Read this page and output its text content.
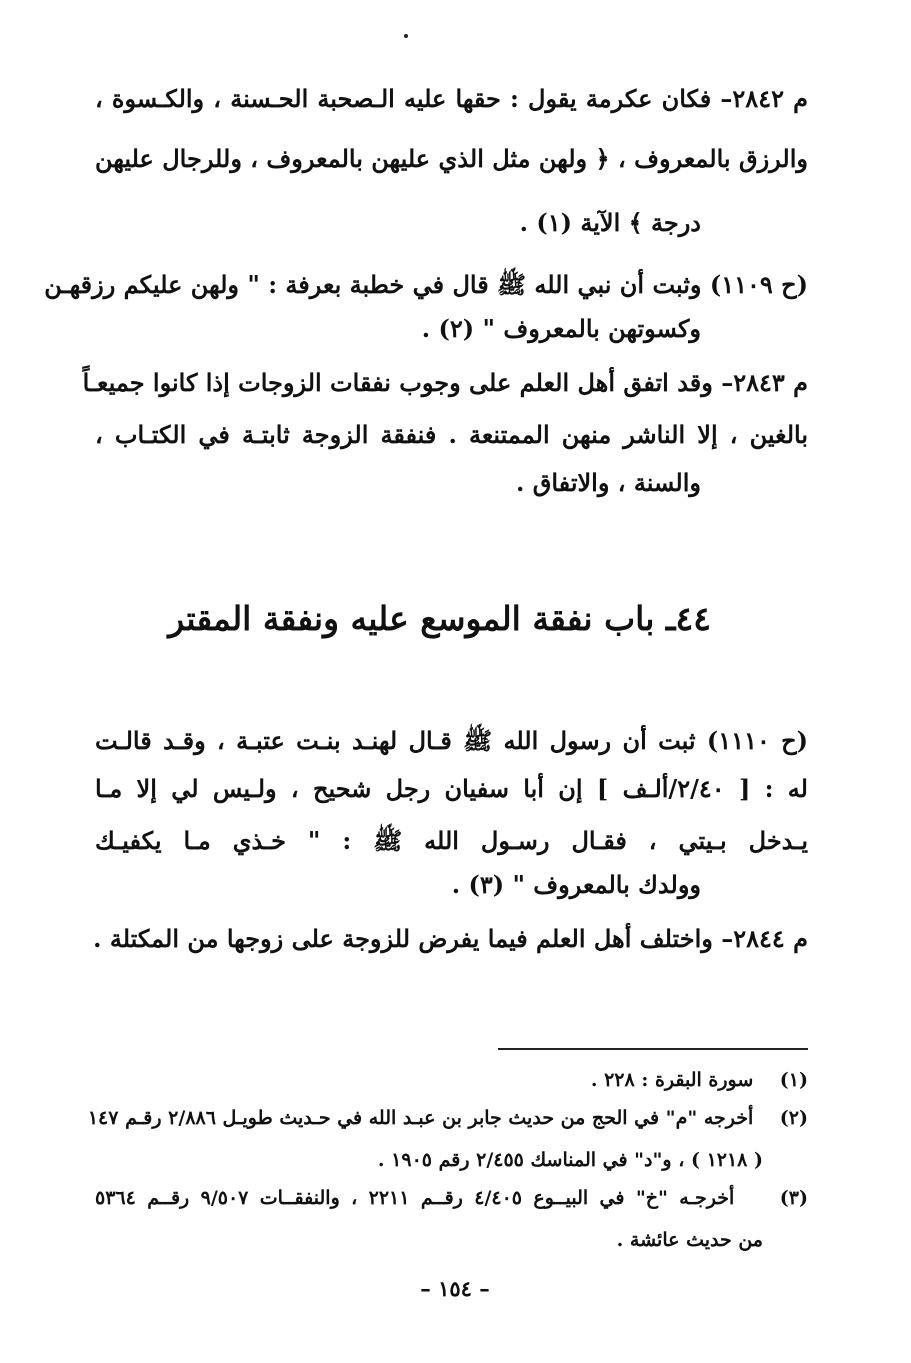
م ٢٨٤٢– فكان عكرمة يقول : حقها عليه الـصحبة الحـسنة ، والكـسوة ،
والرزق بالمعروف ، ﴿ ولهن مثل الذي عليهن بالمعروف ، وللرجال عليهن
درجة ﴾ الآية (١) .
(ح ١١٠٩) وثبت أن نبي الله ﷺ قال في خطبة بعرفة : " ولهن عليكم رزقهـن
وكسوتهن بالمعروف " (٢) .
م ٢٨٤٣– وقد اتفق أهل العلم على وجوب نفقات الزوجات إذا كانوا جميعـاً
بالغين ، إلا الناشر منهن الممتنعة . فنفقة الزوجة ثابتـة في الكتـاب ،
والسنة ، والاتفاق .
٤٤ـ باب نفقة الموسع عليه ونفقة المقتر
(ح ١١١٠) ثبت أن رسول الله ﷺ قـال لهنـد بنـت عتبـة ، وقـد قالـت
له : [ ٢/٤٠/ألـف ] إن أبا سفيان رجل شحيح ، ولـيس لي إلا مـا
يـدخل بـيتي ، فقـال رسـول الله ﷺ : " خـذي مـا يكفيـك
وولدك بالمعروف " (٣) .
م ٢٨٤٤– واختلف أهل العلم فيما يفرض للزوجة على زوجها من المكتلة .
(١)    سورة البقرة : ٢٢٨ .
(٢)    أخرجه "م" في الحج من حديث جابر بن عبـد الله في حـديث طويـل ٢/٨٨٦ رقـم ١٤٧
( ١٢١٨ ) ، و"د" في المناسك ٢/٤٥٥ رقم ١٩٠٥ .
(٣)    أخرجـه "خ" في البيــوع ٤/٤٠٥ رقــم ٢٢١١ ، والنفقــات ٩/٥٠٧ رقــم ٥٣٦٤
من حديث عائشة .
– ١٥٤ –
